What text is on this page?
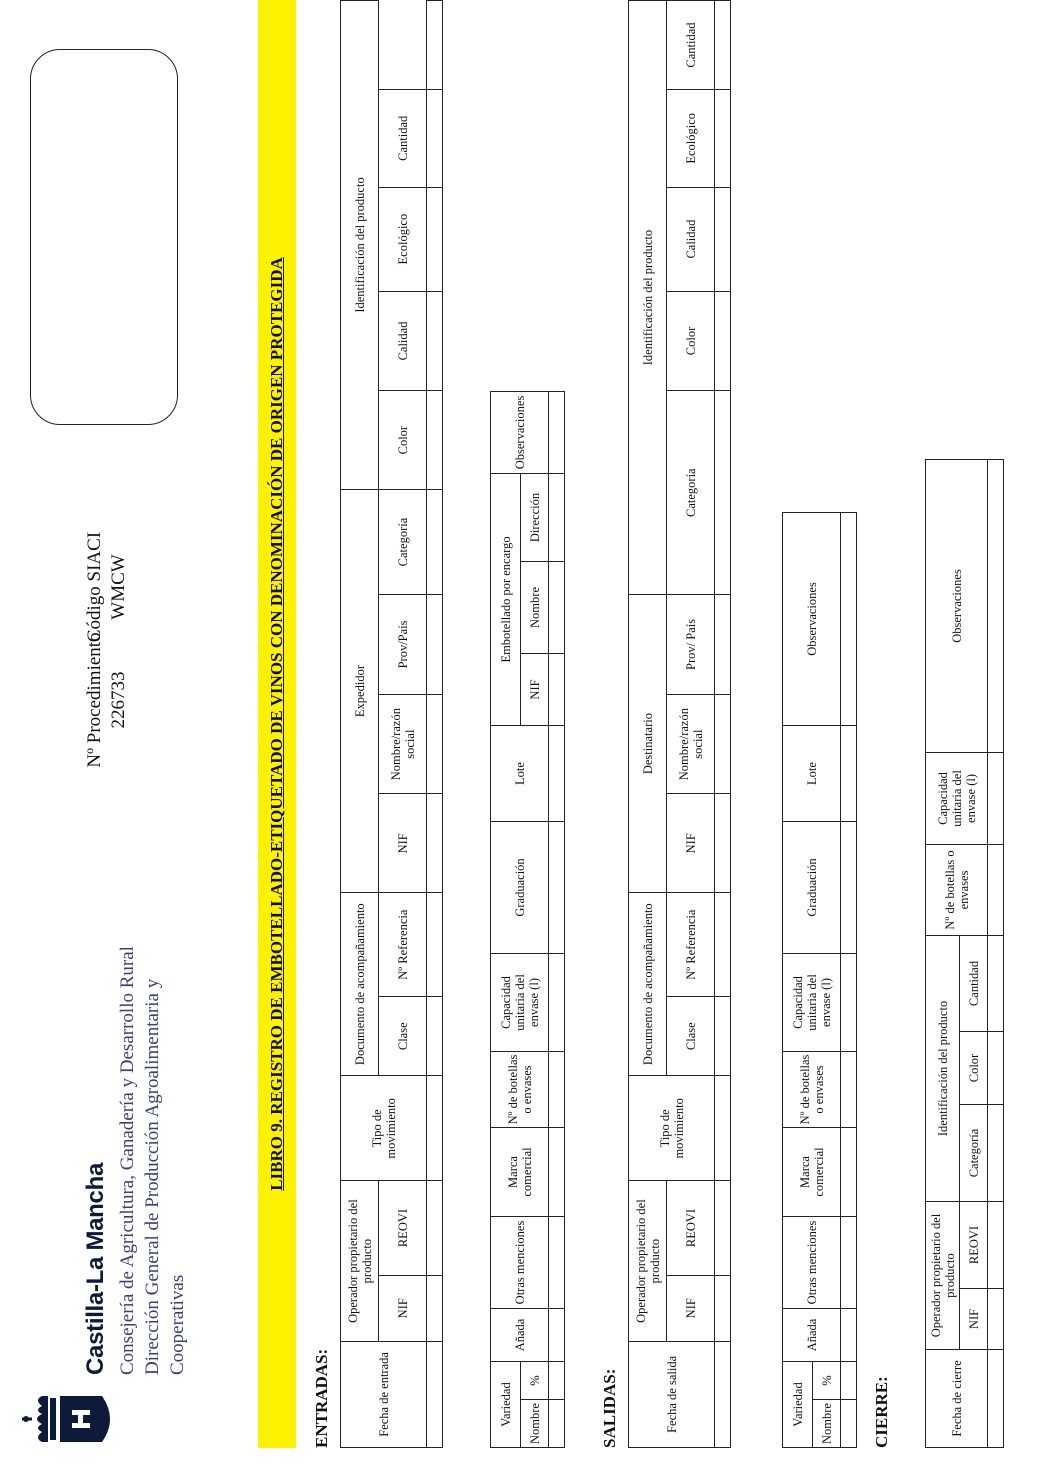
Castilla-La Mancha Consejería de Agricultura, Ganadería y Desarrollo Rural Dirección General de Producción Agroalimentaria y Cooperativas
Nº Procedimiento 226733
Código SIACI WMCW	LIBRO 9. REGISTRO DE EMBOTELLADO-ETIQUETADO DE VINOS CON DENOMINACIÓN DE ORIGEN PROTEGIDA
ENTRADAS:	Fecha de entrada	Operador propietario del producto		Tipo de movimiento	Documento de acompañamiento		Expedidor				Identificación del producto				
	NIF	REOVI		Clase	Nº Referencia	NIF	Nombre/razón social	Prov/País	Categoría	Color	Calidad	Ecológico	Cantidad	

Variedad		Añada	Otras menciones	Marca comercial	Nº de botellas o envases	Capacidad unitaria del envase (l)	Graduación	Lote	Embotellado por encargo			Observaciones
Nombre	%								NIF	Nombre	Dirección	

SALIDAS:	Fecha de salida	Operador propietario del producto		Tipo de movimiento	Documento de acompañamiento		Destinatario			Identificación del producto				
	NIF	REOVI		Clase	Nº Referencia	NIF	Nombre/razón social	Prov/ País	Categoría	Color	Calidad	Ecológico	Cantidad

Variedad		Añada	Otras menciones	Marca comercial	Nº de botellas o envases	Capacidad unitaria del envase (l)	Graduación	Lote	Observaciones
Nombre	%								
									CIERRE:	Fecha de cierre	Operador propietario del producto		Identificación del producto			Nº de botellas o envases	Capacidad unitaria del envase (l)	Observaciones
	NIF	REOVI	Categoría	Color	Cantidad			
